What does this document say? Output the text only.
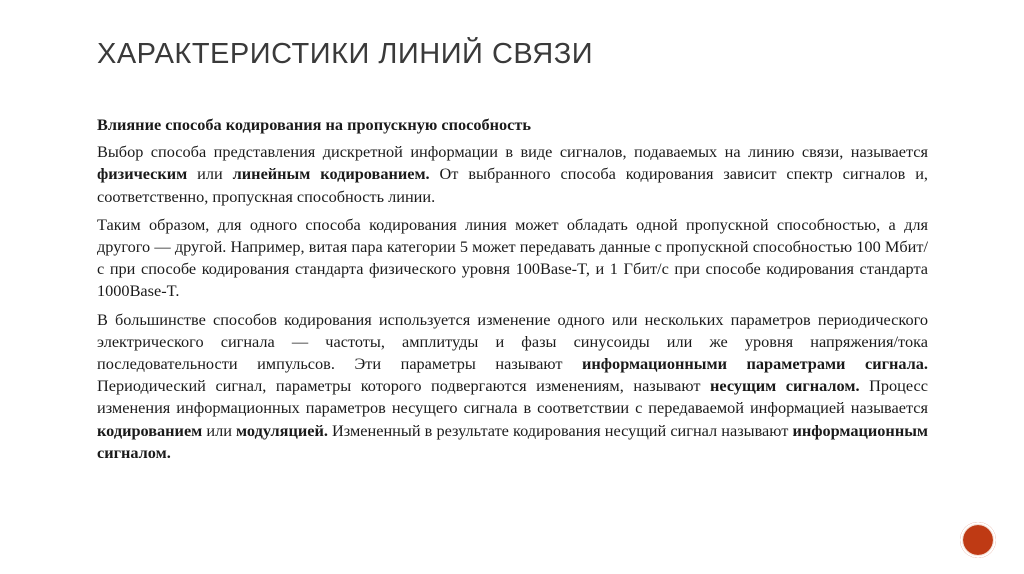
ХАРАКТЕРИСТИКИ ЛИНИЙ СВЯЗИ
Влияние способа кодирования на пропускную способность

Выбор способа представления дискретной информации в виде сигналов, подаваемых на линию связи, называется физическим или линейным кодированием. От выбранного способа кодирования зависит спектр сигналов и, соответственно, пропускная способность линии.

Таким образом, для одного способа кодирования линия может обладать одной пропускной способностью, а для другого — другой. Например, витая пара категории 5 может передавать данные с пропускной способностью 100 Мбит/с при способе кодирования стандарта физического уровня 100Base-T, и 1 Гбит/с при способе кодирования стандарта 1000Base-T.

В большинстве способов кодирования используется изменение одного или нескольких параметров периодического электрического сигнала — частоты, амплитуды и фазы синусоиды или же уровня напряжения/тока последовательности импульсов. Эти параметры называют информационными параметрами сигнала. Периодический сигнал, параметры которого подвергаются изменениям, называют несущим сигналом. Процесс изменения информационных параметров несущего сигнала в соответствии с передаваемой информацией называется кодированием или модуляцией. Измененный в результате кодирования несущий сигнал называют информационным сигналом.
